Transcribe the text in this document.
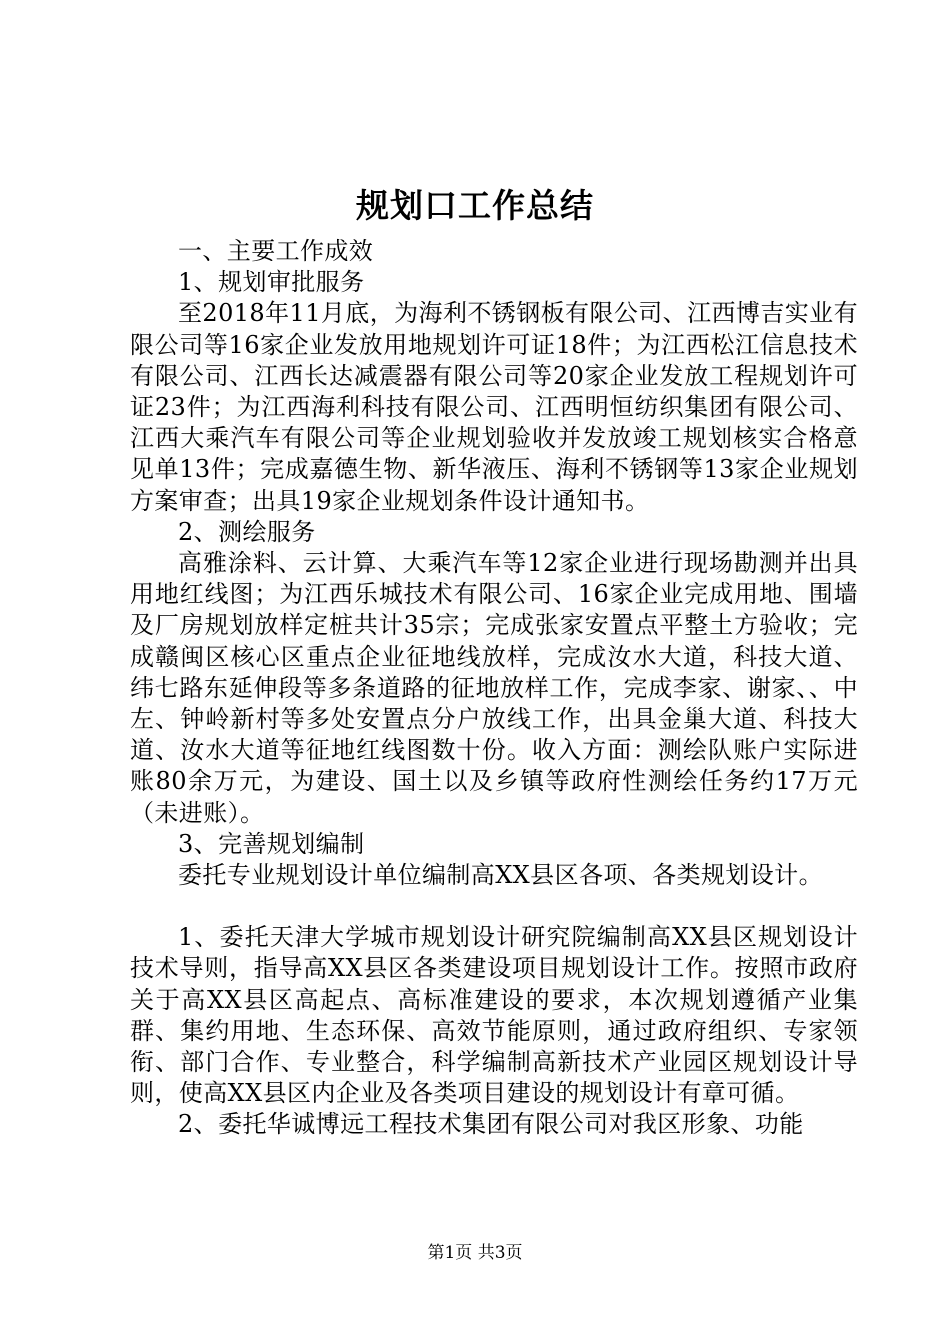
规划口工作总结

一、主要工作成效

1、规划审批服务

至2018年11月底，为海利不锈钢板有限公司、江西博吉实业有限公司等16家企业发放用地规划许可证18件；为江西松江信息技术有限公司、江西长达减震器有限公司等20家企业发放工程规划许可证23件；为江西海利科技有限公司、江西明恒纺织集团有限公司、江西大乘汽车有限公司等企业规划验收并发放竣工规划核实合格意见单13件；完成嘉德生物、新华液压、海利不锈钢等13家企业规划方案审查；出具19家企业规划条件设计通知书。

2、测绘服务

高雅涂料、云计算、大乘汽车等12家企业进行现场勘测并出具用地红线图；为江西乐城技术有限公司、16家企业完成用地、围墙及厂房规划放样定桩共计35宗；完成张家安置点平整土方验收；完成赣闽区核心区重点企业征地线放样，完成汝水大道，科技大道、纬七路东延伸段等多条道路的征地放样工作，完成李家、谢家、、中左、钟岭新村等多处安置点分户放线工作，出具金巢大道、科技大道、汝水大道等征地红线图数十份。收入方面：测绘队账户实际进账80余万元，为建设、国土以及乡镇等政府性测绘任务约17万元（未进账）。

3、完善规划编制

委托专业规划设计单位编制高XX县区各项、各类规划设计。

1、委托天津大学城市规划设计研究院编制高XX县区规划设计技术导则，指导高XX县区各类建设项目规划设计工作。按照市政府关于高XX县区高起点、高标准建设的要求，本次规划遵循产业集群、集约用地、生态环保、高效节能原则，通过政府组织、专家领衔、部门合作、专业整合，科学编制高新技术产业园区规划设计导则，使高XX县区内企业及各类项目建设的规划设计有章可循。

2、委托华诚博远工程技术集团有限公司对我区形象、功能

第1页 共3页
